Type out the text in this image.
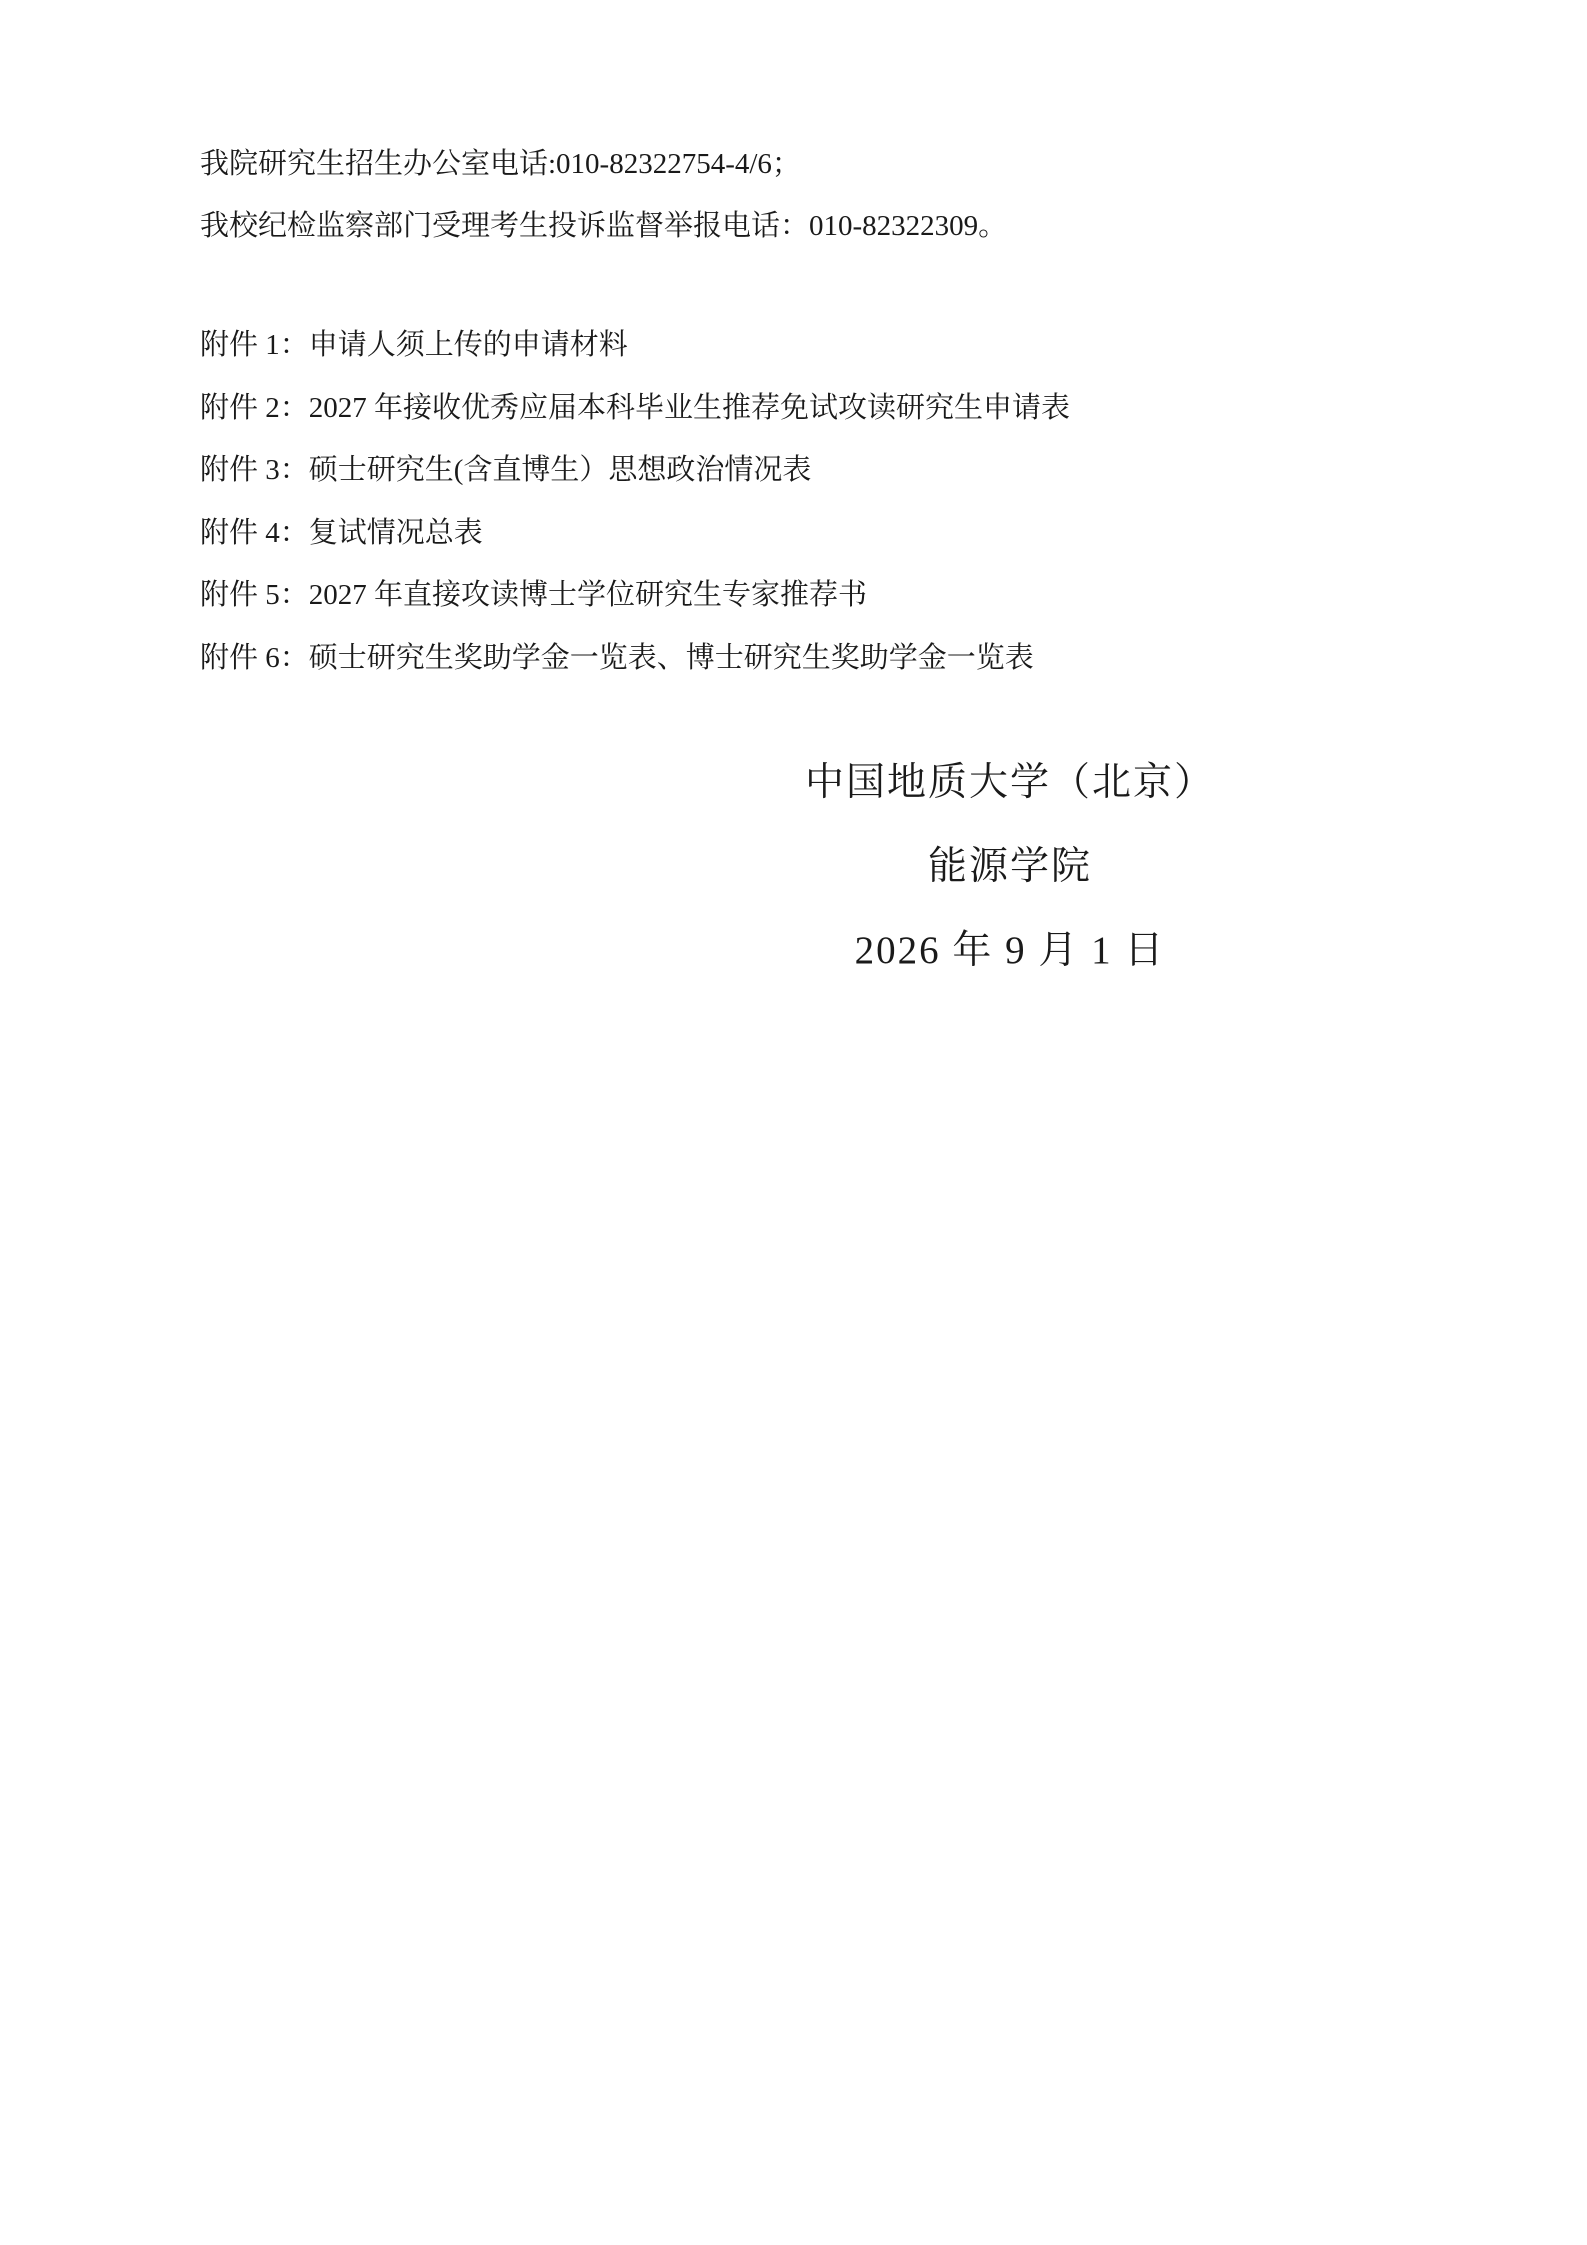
我院研究生招生办公室电话:010-82322754-4/6；

我校纪检监察部门受理考生投诉监督举报电话：010-82322309。

附件 1：申请人须上传的申请材料

附件 2：2027 年接收优秀应届本科毕业生推荐免试攻读研究生申请表

附件 3：硕士研究生(含直博生）思想政治情况表

附件 4：复试情况总表

附件 5：2027 年直接攻读博士学位研究生专家推荐书

附件 6：硕士研究生奖助学金一览表、博士研究生奖助学金一览表

中国地质大学（北京）
能源学院
2026 年 9 月 1 日
